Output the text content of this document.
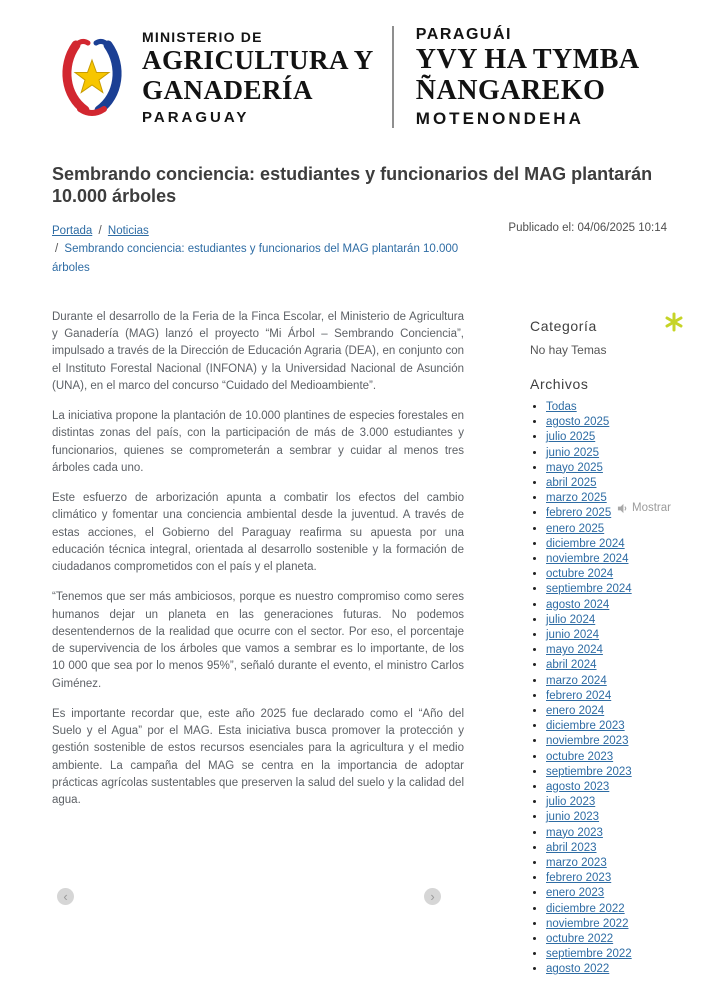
MINISTERIO DE
AGRICULTURA Y
GANADERÍA
PARAGUAY
PARAGUÁI
YVY HA TYMBA
ÑANGAREKO
MOTENONDEHA
Sembrando conciencia: estudiantes y funcionarios del MAG plantarán 10.000 árboles
Portada / Noticias
/ Sembrando conciencia: estudiantes y funcionarios del MAG plantarán 10.000 árboles
Publicado el: 04/06/2025 10:14

Durante el desarrollo de la Feria de la Finca Escolar, el Ministerio de Agricultura y Ganadería (MAG) lanzó el proyecto “Mi Árbol – Sembrando Conciencia”, impulsado a través de la Dirección de Educación Agraria (DEA), en conjunto con el Instituto Forestal Nacional (INFONA) y la Universidad Nacional de Asunción (UNA), en el marco del concurso “Cuidado del Medioambiente”.

La iniciativa propone la plantación de 10.000 plantines de especies forestales en distintas zonas del país, con la participación de más de 3.000 estudiantes y funcionarios, quienes se comprometerán a sembrar y cuidar al menos tres árboles cada uno.

Este esfuerzo de arborización apunta a combatir los efectos del cambio climático y fomentar una conciencia ambiental desde la juventud. A través de estas acciones, el Gobierno del Paraguay reafirma su apuesta por una educación técnica integral, orientada al desarrollo sostenible y la formación de ciudadanos comprometidos con el país y el planeta.

“Tenemos que ser más ambiciosos, porque es nuestro compromiso como seres humanos dejar un planeta en las generaciones futuras. No podemos desentendernos de la realidad que ocurre con el sector. Por eso, el porcentaje de supervivencia de los árboles que vamos a sembrar es lo importante, de los 10 000 que sea por lo menos 95%”, señaló durante el evento, el ministro Carlos Giménez.

Es importante recordar que, este año 2025 fue declarado como el “Año del Suelo y el Agua” por el MAG. Esta iniciativa busca promover la protección y gestión sostenible de estos recursos esenciales para la agricultura y el medio ambiente. La campaña del MAG se centra en la importancia de adoptar prácticas agrícolas sustentables que preserven la salud del suelo y la calidad del agua.

Categoría
No hay Temas
Archivos
• Todas
• agosto 2025
• julio 2025
• junio 2025
• mayo 2025
• abril 2025
• marzo 2025
• febrero 2025
• enero 2025
• diciembre 2024
• noviembre 2024
• octubre 2024
• septiembre 2024
• agosto 2024
• julio 2024
• junio 2024
• mayo 2024
• abril 2024
• marzo 2024
• febrero 2024
• enero 2024
• diciembre 2023
• noviembre 2023
• octubre 2023
• septiembre 2023
• agosto 2023
• julio 2023
• junio 2023
• mayo 2023
• abril 2023
• marzo 2023
• febrero 2023
• enero 2023
• diciembre 2022
• noviembre 2022
• octubre 2022
• septiembre 2022
• agosto 2022
‹	›
Mostrar
